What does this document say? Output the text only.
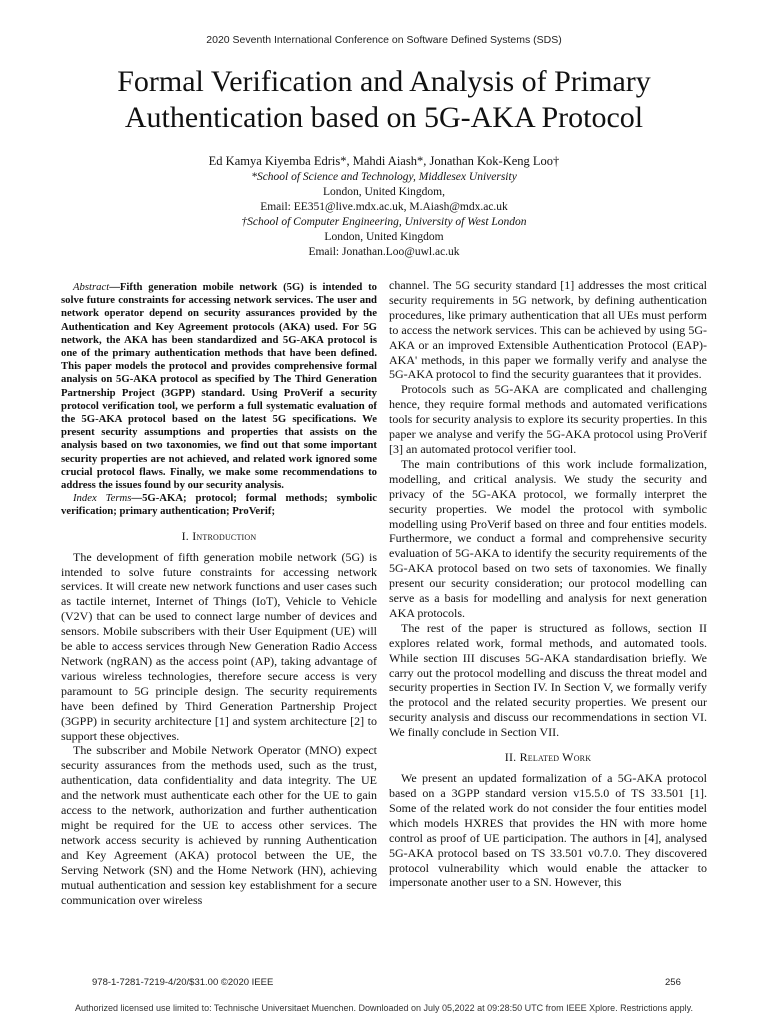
2020 Seventh International Conference on Software Defined Systems (SDS)
Formal Verification and Analysis of Primary
Authentication based on 5G-AKA Protocol
Ed Kamya Kiyemba Edris*, Mahdi Aiash*, Jonathan Kok-Keng Loo†
*School of Science and Technology, Middlesex University
London, United Kingdom,
Email: EE351@live.mdx.ac.uk, M.Aiash@mdx.ac.uk
†School of Computer Engineering, University of West London
London, United Kingdom
Email: Jonathan.Loo@uwl.ac.uk

Abstract—Fifth generation mobile network (5G) is intended to solve future constraints for accessing network services. The user and network operator depend on security assurances provided by the Authentication and Key Agreement protocols (AKA) used. For 5G network, the AKA has been standardized and 5G-AKA protocol is one of the primary authentication methods that have been defined. This paper models the protocol and provides comprehensive formal analysis on 5G-AKA protocol as specified by The Third Generation Partnership Project (3GPP) standard. Using ProVerif a security protocol verification tool, we perform a full systematic evaluation of the 5G-AKA protocol based on the latest 5G specifications. We present security assumptions and properties that assists on the analysis based on two taxonomies, we find out that some important security properties are not achieved, and related work ignored some crucial protocol flaws. Finally, we make some recommendations to address the issues found by our security analysis.

Index Terms—5G-AKA; protocol; formal methods; symbolic verification; primary authentication; ProVerif;

I. Introduction

The development of fifth generation mobile network (5G) is intended to solve future constraints for accessing network services. It will create new network functions and user cases such as tactile internet, Internet of Things (IoT), Vehicle to Vehicle (V2V) that can be used to connect large number of devices and sensors. Mobile subscribers with their User Equipment (UE) will be able to access services through New Generation Radio Access Network (ngRAN) as the access point (AP), taking advantage of various wireless technologies, therefore secure access is very paramount to 5G principle design. The security requirements have been defined by Third Generation Partnership Project (3GPP) in security architecture [1] and system architecture [2] to support these objectives.

The subscriber and Mobile Network Operator (MNO) expect security assurances from the methods used, such as the trust, authentication, data confidentiality and data integrity. The UE and the network must authenticate each other for the UE to gain access to the network, authorization and further authentication might be required for the UE to access other services. The network access security is achieved by running Authentication and Key Agreement (AKA) protocol between the UE, the Serving Network (SN) and the Home Network (HN), achieving mutual authentication and session key establishment for a secure communication over wireless

channel. The 5G security standard [1] addresses the most critical security requirements in 5G network, by defining authentication procedures, like primary authentication that all UEs must perform to access the network services. This can be achieved by using 5G-AKA or an improved Extensible Authentication Protocol (EAP)-AKA' methods, in this paper we formally verify and analyse the 5G-AKA protocol to find the security guarantees that it provides.

Protocols such as 5G-AKA are complicated and challenging hence, they require formal methods and automated verifications tools for security analysis to explore its security properties. In this paper we analyse and verify the 5G-AKA protocol using ProVerif [3] an automated protocol verifier tool.

The main contributions of this work include formalization, modelling, and critical analysis. We study the security and privacy of the 5G-AKA protocol, we formally interpret the security properties. We model the protocol with symbolic modelling using ProVerif based on three and four entities models. Furthermore, we conduct a formal and comprehensive security evaluation of 5G-AKA to identify the security requirements of the 5G-AKA protocol based on two sets of taxonomies. We finally present our security consideration; our protocol modelling can serve as a basis for modelling and analysis for next generation AKA protocols.

The rest of the paper is structured as follows, section II explores related work, formal methods, and automated tools. While section III discuses 5G-AKA standardisation briefly. We carry out the protocol modelling and discuss the threat model and security properties in Section IV. In Section V, we formally verify the protocol and the related security properties. We present our security analysis and discuss our recommendations in section VI. We finally conclude in Section VII.

II. Related Work

We present an updated formalization of a 5G-AKA protocol based on a 3GPP standard version v15.5.0 of TS 33.501 [1]. Some of the related work do not consider the four entities model which models HXRES that provides the HN with more home control as proof of UE participation. The authors in [4], analysed 5G-AKA protocol based on TS 33.501 v0.7.0. They discovered protocol vulnerability which would enable the attacker to impersonate another user to a SN. However, this

978-1-7281-7219-4/20/$31.00 ©2020 IEEE	256
Authorized licensed use limited to: Technische Universitaet Muenchen. Downloaded on July 05,2022 at 09:28:50 UTC from IEEE Xplore. Restrictions apply.
